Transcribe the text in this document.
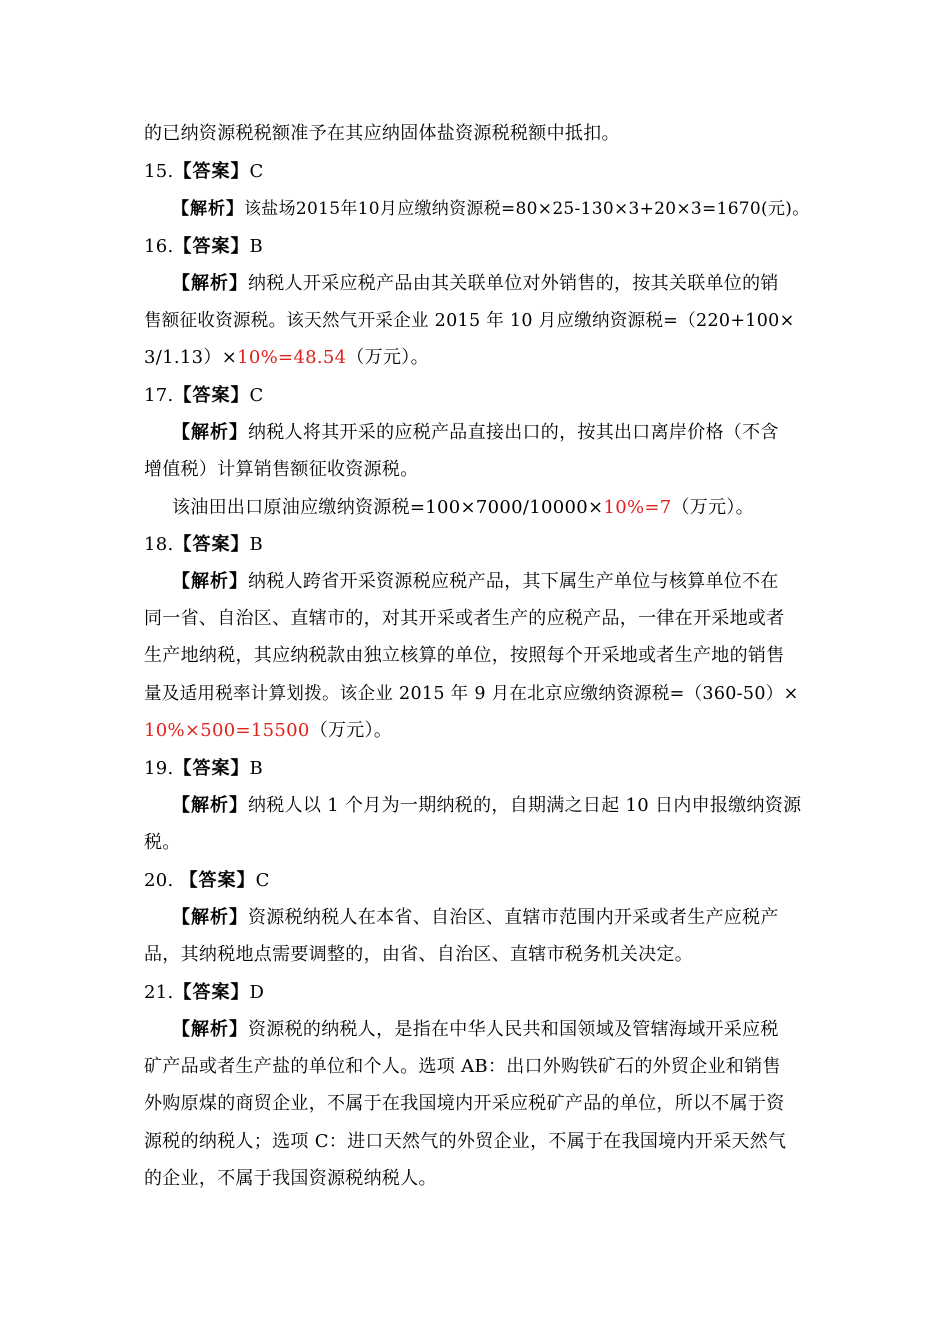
的已纳资源税税额准予在其应纳固体盐资源税税额中抵扣。
15.【答案】C
【解析】该盐场2015年10月应缴纳资源税=80×25-130×3+20×3=1670(元)。
16.【答案】B
【解析】纳税人开采应税产品由其关联单位对外销售的，按其关联单位的销
售额征收资源税。该天然气开采企业 2015 年 10 月应缴纳资源税=（220+100×
3/1.13）×10%=48.54（万元）。
17.【答案】C
【解析】纳税人将其开采的应税产品直接出口的，按其出口离岸价格（不含
增值税）计算销售额征收资源税。
该油田出口原油应缴纳资源税=100×7000/10000×10%=7（万元）。
18.【答案】B
【解析】纳税人跨省开采资源税应税产品，其下属生产单位与核算单位不在
同一省、自治区、直辖市的，对其开采或者生产的应税产品，一律在开采地或者
生产地纳税，其应纳税款由独立核算的单位，按照每个开采地或者生产地的销售
量及适用税率计算划拨。该企业 2015 年 9 月在北京应缴纳资源税=（360-50）×
10%×500=15500（万元）。
19.【答案】B
【解析】纳税人以 1 个月为一期纳税的，自期满之日起 10 日内申报缴纳资源
税。
20. 【答案】C
【解析】资源税纳税人在本省、自治区、直辖市范围内开采或者生产应税产
品，其纳税地点需要调整的，由省、自治区、直辖市税务机关决定。
21.【答案】D
【解析】资源税的纳税人，是指在中华人民共和国领域及管辖海域开采应税
矿产品或者生产盐的单位和个人。选项 AB：出口外购铁矿石的外贸企业和销售
外购原煤的商贸企业，不属于在我国境内开采应税矿产品的单位，所以不属于资
源税的纳税人；选项 C：进口天然气的外贸企业，不属于在我国境内开采天然气
的企业，不属于我国资源税纳税人。
